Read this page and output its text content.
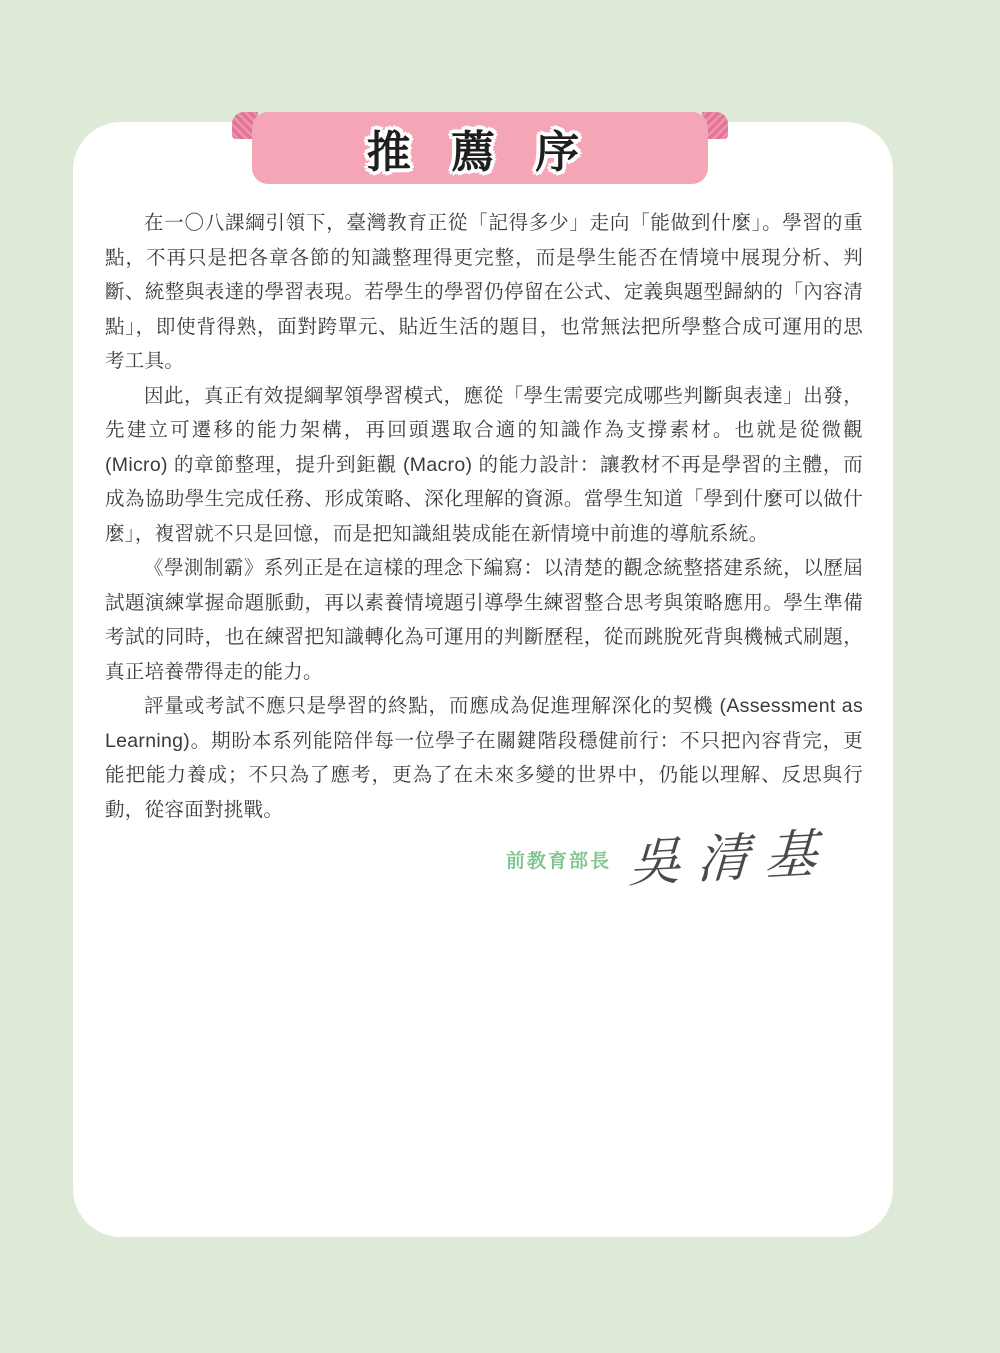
推 薦 序

在一〇八課綱引領下，臺灣教育正從「記得多少」走向「能做到什麼」。學習的重點，不再只是把各章各節的知識整理得更完整，而是學生能否在情境中展現分析、判斷、統整與表達的學習表現。若學生的學習仍停留在公式、定義與題型歸納的「內容清點」，即使背得熟，面對跨單元、貼近生活的題目，也常無法把所學整合成可運用的思考工具。

因此，真正有效提綱挈領學習模式，應從「學生需要完成哪些判斷與表達」出發，先建立可遷移的能力架構，再回頭選取合適的知識作為支撐素材。也就是從微觀 (Micro) 的章節整理，提升到鉅觀 (Macro) 的能力設計：讓教材不再是學習的主體，而成為協助學生完成任務、形成策略、深化理解的資源。當學生知道「學到什麼可以做什麼」，複習就不只是回憶，而是把知識組裝成能在新情境中前進的導航系統。

《學測制霸》系列正是在這樣的理念下編寫：以清楚的觀念統整搭建系統，以歷屆試題演練掌握命題脈動，再以素養情境題引導學生練習整合思考與策略應用。學生準備考試的同時，也在練習把知識轉化為可運用的判斷歷程，從而跳脫死背與機械式刷題，真正培養帶得走的能力。

評量或考試不應只是學習的終點，而應成為促進理解深化的契機 (Assessment as Learning)。期盼本系列能陪伴每一位學子在關鍵階段穩健前行：不只把內容背完，更能把能力養成；不只為了應考，更為了在未來多變的世界中，仍能以理解、反思與行動，從容面對挑戰。

前教育部長 吳清基
